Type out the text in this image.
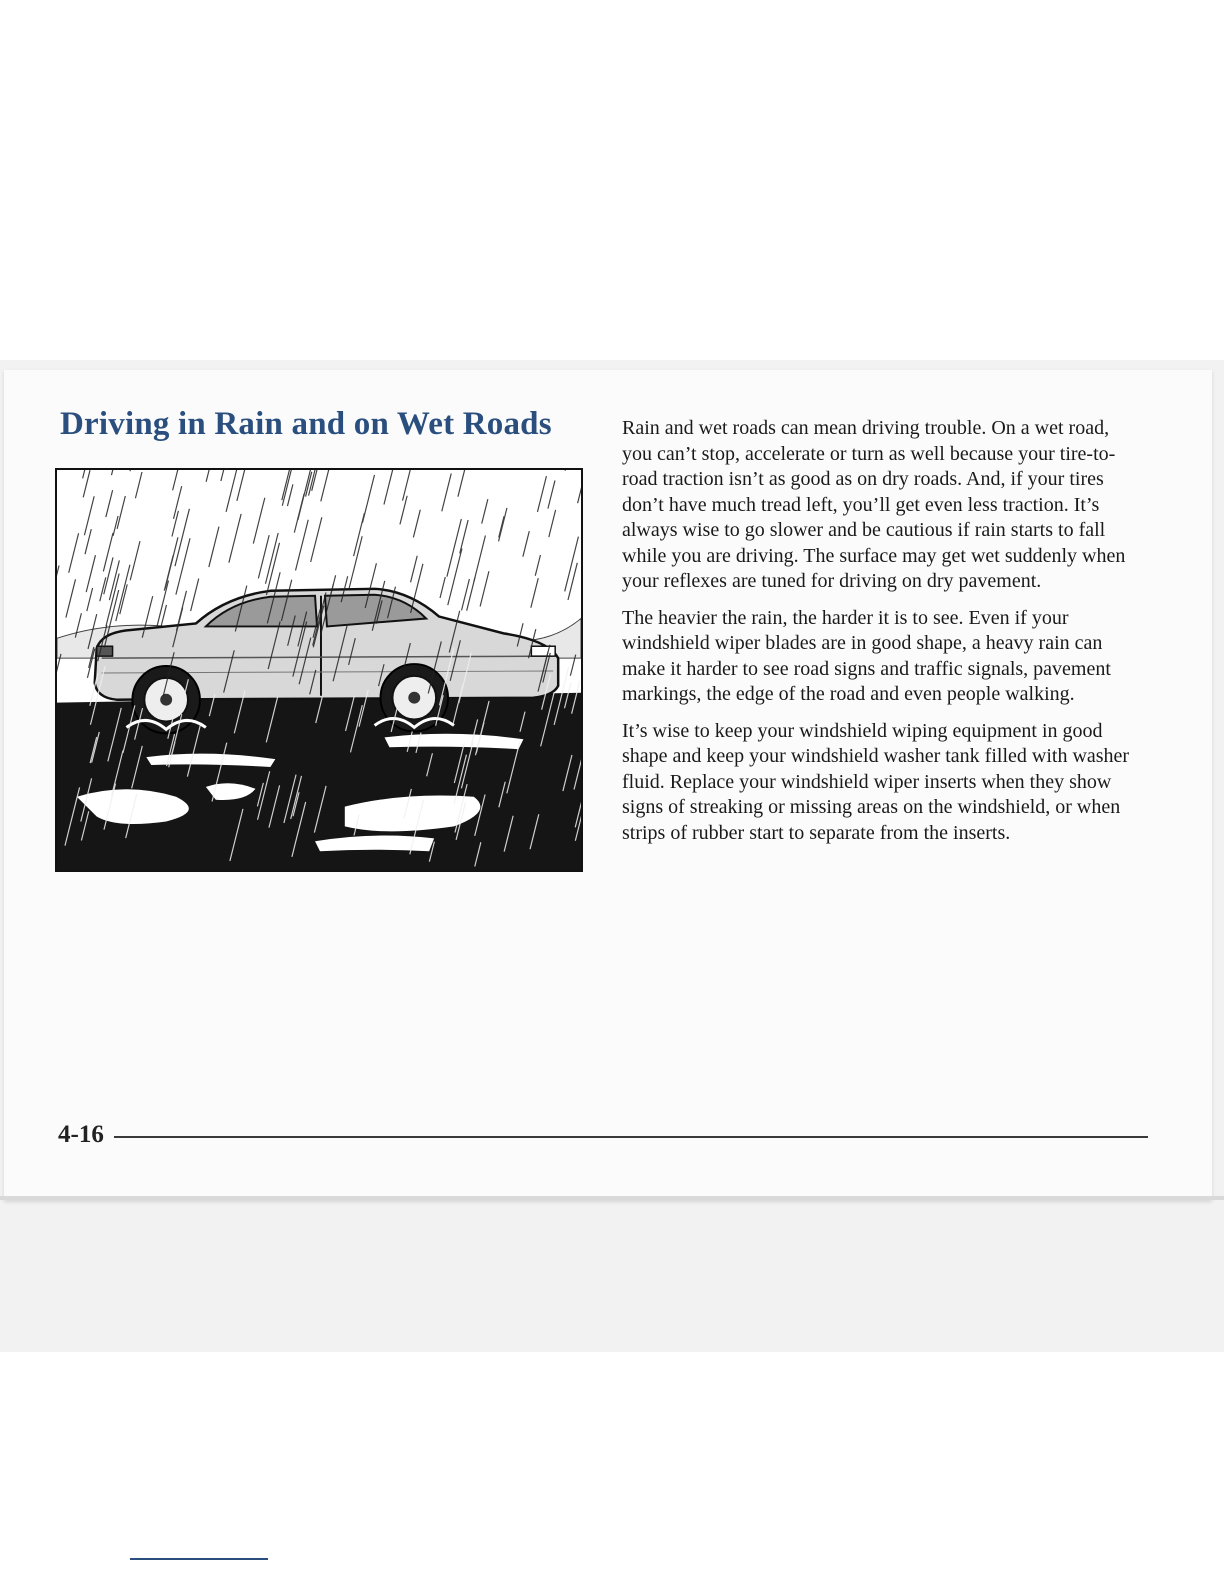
Driving in Rain and on Wet Roads	Rain and wet roads can mean driving trouble. On a wet road, you can’t stop, accelerate or turn as well because your tire-to-road traction isn’t as good as on dry roads. And, if your tires don’t have much tread left, you’ll get even less traction. It’s always wise to go slower and be cautious if rain starts to fall while you are driving. The surface may get wet suddenly when your reflexes are tuned for driving on dry pavement.

The heavier the rain, the harder it is to see. Even if your windshield wiper blades are in good shape, a heavy rain can make it harder to see road signs and traffic signals, pavement markings, the edge of the road and even people walking.

It’s wise to keep your windshield wiping equipment in good shape and keep your windshield washer tank filled with washer fluid. Replace your windshield wiper inserts when they show signs of streaking or missing areas on the windshield, or when strips of rubber start to separate from the inserts.

4-16
